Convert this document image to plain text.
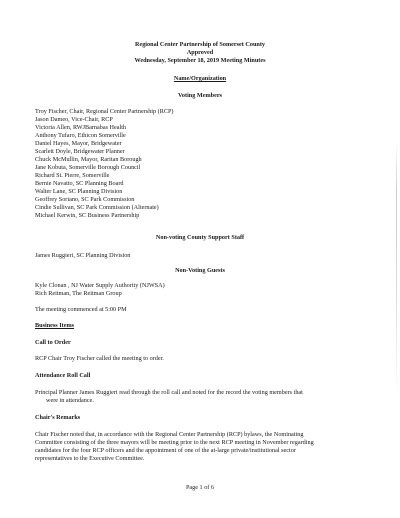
Regional Center Partnership of Somerset County
Approved
Wednesday, September 18, 2019 Meeting Minutes
Name/Organization
Voting Members
Troy Fischer, Chair, Regional Center Partnership (RCP)
Jason Dameo, Vice-Chair, RCP
Victoria Allen, RWJBarnabas Health
Anthony Tufaro, Ethicon Somerville
Daniel Hayes, Mayor, Bridgewater
Scarlett Doyle, Bridgewater Planner
Chuck McMullin, Mayor, Raritan Borough
Jane Kobuta, Somerville Borough Council
Richard St. Pierre, Somerville
Bernie Navatto, SC Planning Board
Walter Lane, SC Planning Division
Geoffrey Soriano, SC Park Commission
Cindie Sullivan, SC Park Commission (Alternate)
Michael Kerwin, SC Business Partnership
Non-voting County Support Staff
James Ruggieri, SC Planning Division
Non-Voting Guests
Kyle Clonan , NJ Water Supply Authority (NJWSA)
Rich Reitman, The Reitman Group
The meeting commenced at 5:00 PM
Business Items
Call to Order
RCP Chair Troy Fischer called the meeting to order.
Attendance Roll Call
Principal Planner James Ruggieri read through the roll call and noted for the record the voting members that
were in attendance.
Chair's Remarks
Chair Fischer noted that, in accordance with the Regional Center Partnership (RCP) bylaws, the Nominating
Committee consisting of the three mayors will be meeting prior to the next RCP meeting in November regarding
candidates for the four RCP officers and the appointment of one of the at-large private/institutional sector
representatives to the Executive Committee.
Page 1 of 6
